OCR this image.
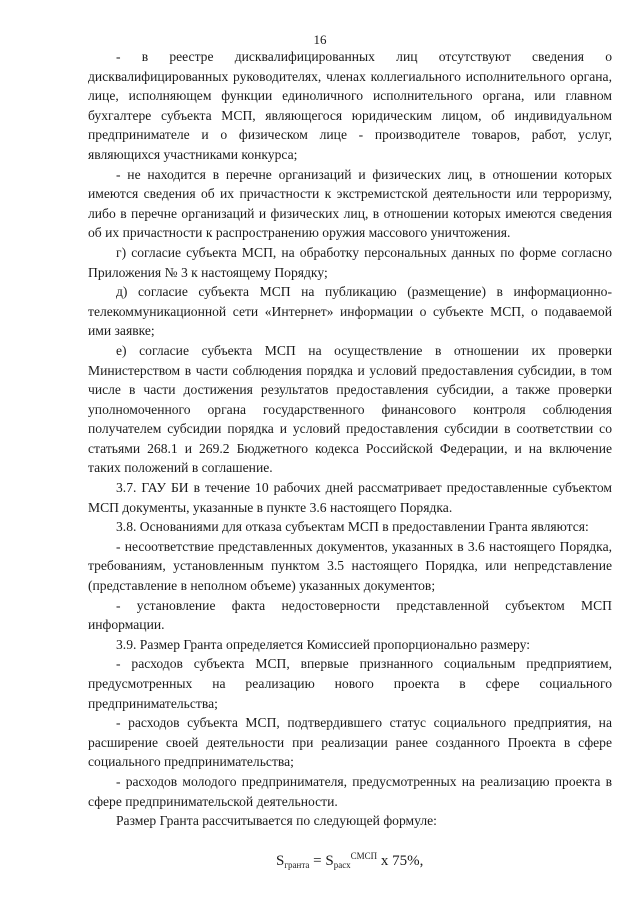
16

- в реестре дисквалифицированных лиц отсутствуют сведения о дисквалифицированных руководителях, членах коллегиального исполнительного органа, лице, исполняющем функции единоличного исполнительного органа, или главном бухгалтере субъекта МСП, являющегося юридическим лицом, об индивидуальном предпринимателе и о физическом лице - производителе товаров, работ, услуг, являющихся участниками конкурса;

- не находится в перечне организаций и физических лиц, в отношении которых имеются сведения об их причастности к экстремистской деятельности или терроризму, либо в перечне организаций и физических лиц, в отношении которых имеются сведения об их причастности к распространению оружия массового уничтожения.

г) согласие субъекта МСП, на обработку персональных данных по форме согласно Приложения № 3 к настоящему Порядку;

д) согласие субъекта МСП на публикацию (размещение) в информационно-телекоммуникационной сети «Интернет» информации о субъекте МСП, о подаваемой ими заявке;

е) согласие субъекта МСП на осуществление в отношении их проверки Министерством в части соблюдения порядка и условий предоставления субсидии, в том числе в части достижения результатов предоставления субсидии, а также проверки уполномоченного органа государственного финансового контроля соблюдения получателем субсидии порядка и условий предоставления субсидии в соответствии со статьями 268.1 и 269.2 Бюджетного кодекса Российской Федерации, и на включение таких положений в соглашение.

3.7. ГАУ БИ в течение 10 рабочих дней рассматривает предоставленные субъектом МСП документы, указанные в пункте 3.6 настоящего Порядка.

3.8. Основаниями для отказа субъектам МСП в предоставлении Гранта являются:

- несоответствие представленных документов, указанных в 3.6 настоящего Порядка, требованиям, установленным пунктом 3.5 настоящего Порядка, или непредставление (представление в неполном объеме) указанных документов;

- установление факта недостоверности представленной субъектом МСП информации.

3.9. Размер Гранта определяется Комиссией пропорционально размеру:

- расходов субъекта МСП, впервые признанного социальным предприятием, предусмотренных на реализацию нового проекта в сфере социального предпринимательства;

- расходов субъекта МСП, подтвердившего статус социального предприятия, на расширение своей деятельности при реализации ранее созданного Проекта в сфере социального предпринимательства;

- расходов молодого предпринимателя, предусмотренных на реализацию проекта в сфере предпринимательской деятельности.

Размер Гранта рассчитывается по следующей формуле:

$S_{гранта} = S_{расх}^{СМСП}$ х 75%,
